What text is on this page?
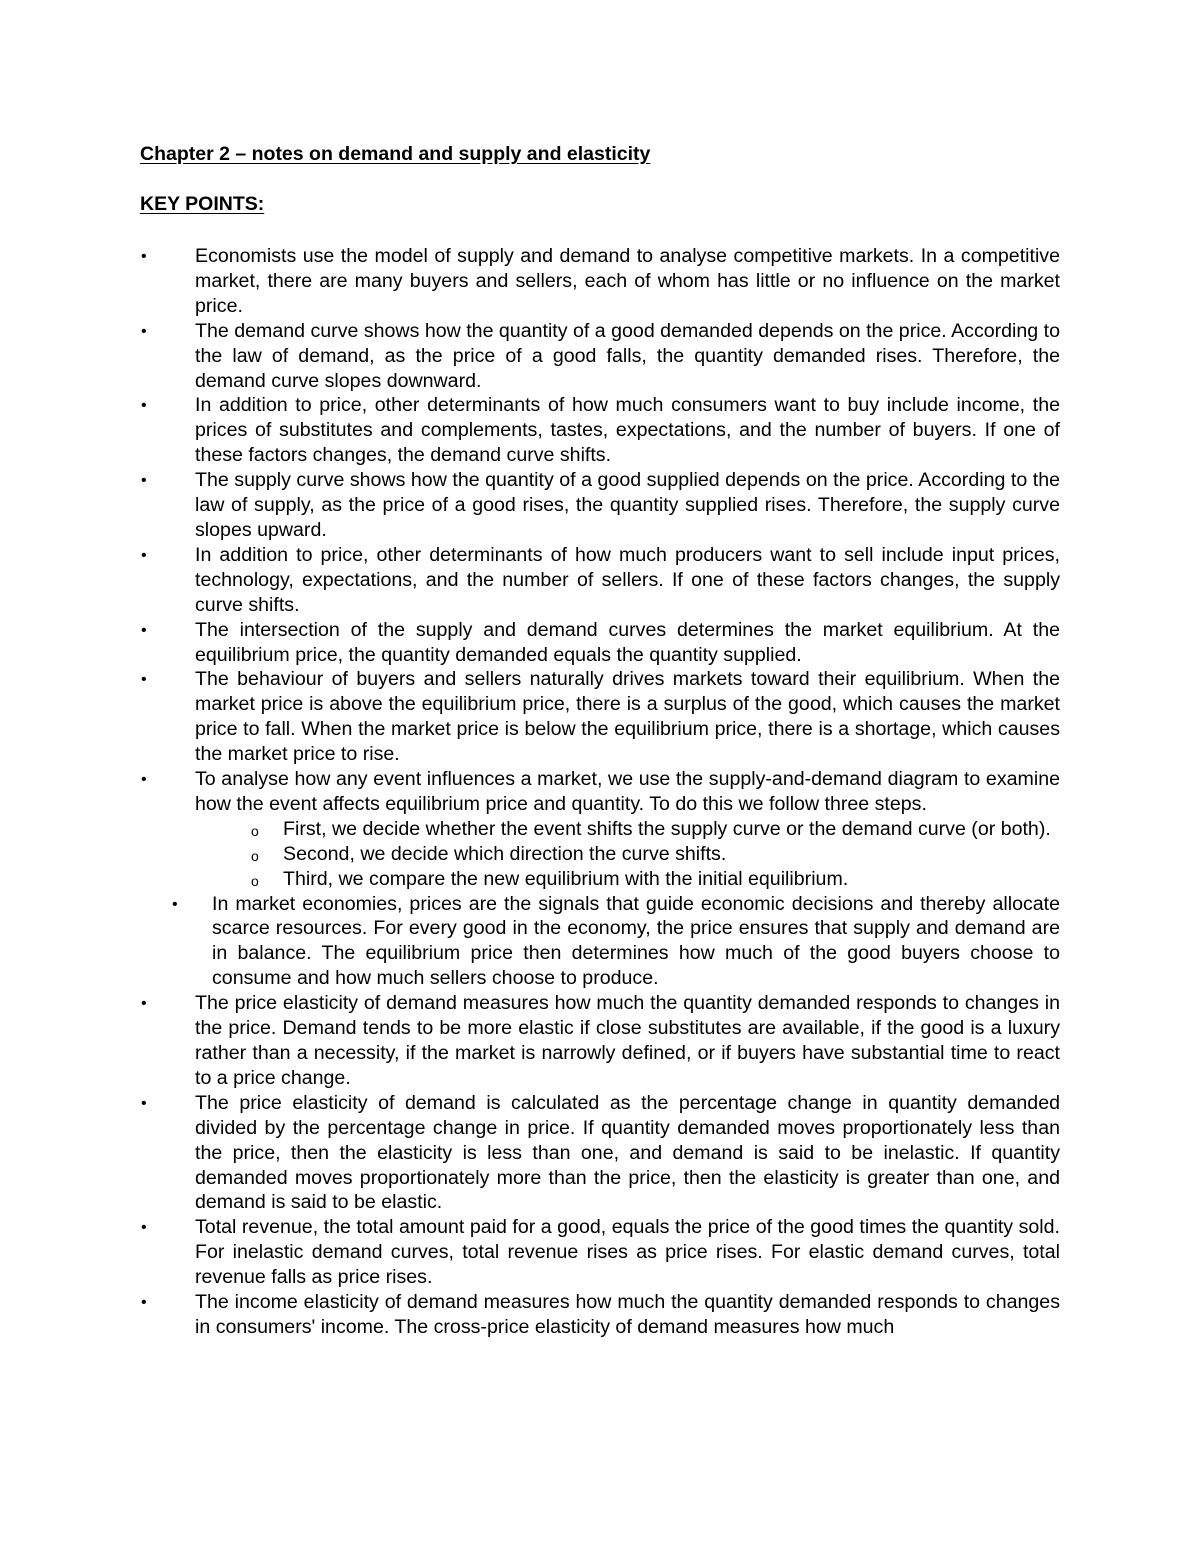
Chapter 2 – notes on demand and supply and elasticity
KEY POINTS:
•	Economists use the model of supply and demand to analyse competitive markets. In a competitive market, there are many buyers and sellers, each of whom has little or no influence on the market price.
•	The demand curve shows how the quantity of a good demanded depends on the price. According to the law of demand, as the price of a good falls, the quantity demanded rises. Therefore, the demand curve slopes downward.
•	In addition to price, other determinants of how much consumers want to buy include income, the prices of substitutes and complements, tastes, expectations, and the number of buyers. If one of these factors changes, the demand curve shifts.
•	The supply curve shows how the quantity of a good supplied depends on the price. According to the law of supply, as the price of a good rises, the quantity supplied rises. Therefore, the supply curve slopes upward.
•	In addition to price, other determinants of how much producers want to sell include input prices, technology, expectations, and the number of sellers. If one of these factors changes, the supply curve shifts.
•	The intersection of the supply and demand curves determines the market equilibrium. At the equilibrium price, the quantity demanded equals the quantity supplied.
•	The behaviour of buyers and sellers naturally drives markets toward their equilibrium. When the market price is above the equilibrium price, there is a surplus of the good, which causes the market price to fall. When the market price is below the equilibrium price, there is a shortage, which causes the market price to rise.
•	To analyse how any event influences a market, we use the supply-and-demand diagram to examine how the event affects equilibrium price and quantity. To do this we follow three steps.
o First, we decide whether the event shifts the supply curve or the demand curve (or both).
o Second, we decide which direction the curve shifts.
o Third, we compare the new equilibrium with the initial equilibrium.
•	In market economies, prices are the signals that guide economic decisions and thereby allocate scarce resources. For every good in the economy, the price ensures that supply and demand are in balance. The equilibrium price then determines how much of the good buyers choose to consume and how much sellers choose to produce.
•	The price elasticity of demand measures how much the quantity demanded responds to changes in the price. Demand tends to be more elastic if close substitutes are available, if the good is a luxury rather than a necessity, if the market is narrowly defined, or if buyers have substantial time to react to a price change.
•	The price elasticity of demand is calculated as the percentage change in quantity demanded divided by the percentage change in price. If quantity demanded moves proportionately less than the price, then the elasticity is less than one, and demand is said to be inelastic. If quantity demanded moves proportionately more than the price, then the elasticity is greater than one, and demand is said to be elastic.
•	Total revenue, the total amount paid for a good, equals the price of the good times the quantity sold. For inelastic demand curves, total revenue rises as price rises. For elastic demand curves, total revenue falls as price rises.
•	The income elasticity of demand measures how much the quantity demanded responds to changes in consumers' income. The cross-price elasticity of demand measures how much
